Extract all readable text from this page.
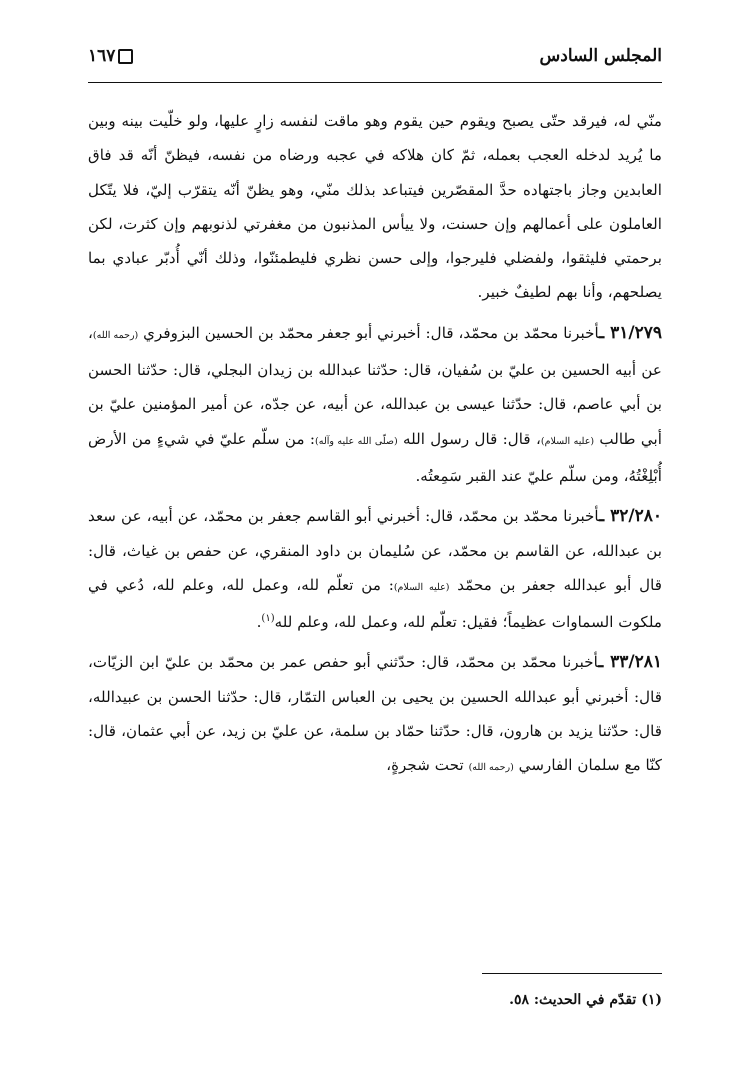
المجلس السادس
١٦٧

منّي له، فيرقد حتّى يصبح ويقوم حين يقوم وهو ماقت لنفسه زارٍ عليها، ولو خلّيت بينه وبين ما يُريد لدخله العجب بعمله، ثمّ كان هلاكه في عجبه ورضاه من نفسه، فيظنّ أنّه قد فاق العابدين وجاز باجتهاده حدَّ المقصّرين فيتباعد بذلك منّي، وهو يظنّ أنّه يتقرّب إليّ، فلا يتّكل العاملون على أعمالهم وإن حسنت، ولا ييأس المذنبون من مغفرتي لذنوبهم وإن كثرت، لكن برحمتي فليثقوا، ولفضلي فليرجوا، وإلى حسن نظري فليطمئنّوا، وذلك أنّي أُدبّر عبادي بما يصلحهم، وأنا بهم لطيفٌ خبير.

٣١/٢٧٩ ـأخبرنا محمّد بن محمّد، قال: أخبرني أبو جعفر محمّد بن الحسين البزوفري (رحمه الله)، عن أبيه الحسين بن عليّ بن سُفيان، قال: حدّثنا عبدالله بن زيدان البجلي، قال: حدّثنا الحسن بن أبي عاصم، قال: حدّثنا عيسى بن عبدالله، عن أبيه، عن جدّه، عن أمير المؤمنين عليّ بن أبي طالب (عليه السلام)، قال: قال رسول الله (صلّى الله عليه وآله): من سلّم عليّ في شيءٍ من الأرض أُبْلِغْتُهُ، ومن سلّم عليّ عند القبر سَمِعتُه.

٣٢/٢٨٠ ـأخبرنا محمّد بن محمّد، قال: أخبرني أبو القاسم جعفر بن محمّد، عن أبيه، عن سعد بن عبدالله، عن القاسم بن محمّد، عن سُليمان بن داود المنقري، عن حفص بن غياث، قال: قال أبو عبدالله جعفر بن محمّد (عليه السلام): من تعلّم لله، وعمل لله، وعلم لله، دُعي في ملكوت السماوات عظيماً؛ فقيل: تعلّم لله، وعمل لله، وعلم لله$^{(١)}$.

٣٣/٢٨١ ـأخبرنا محمّد بن محمّد، قال: حدّثني أبو حفص عمر بن محمّد بن عليّ ابن الزيّات، قال: أخبرني أبو عبدالله الحسين بن يحيى بن العباس التمّار، قال: حدّثنا الحسن بن عبيدالله، قال: حدّثنا يزيد بن هارون، قال: حدّثنا حمّاد بن سلمة، عن عليّ بن زيد، عن أبي عثمان، قال: كنّا مع سلمان الفارسي (رحمه الله) تحت شجرةٍ،

(١) تقدّم في الحديث: ٥٨.
